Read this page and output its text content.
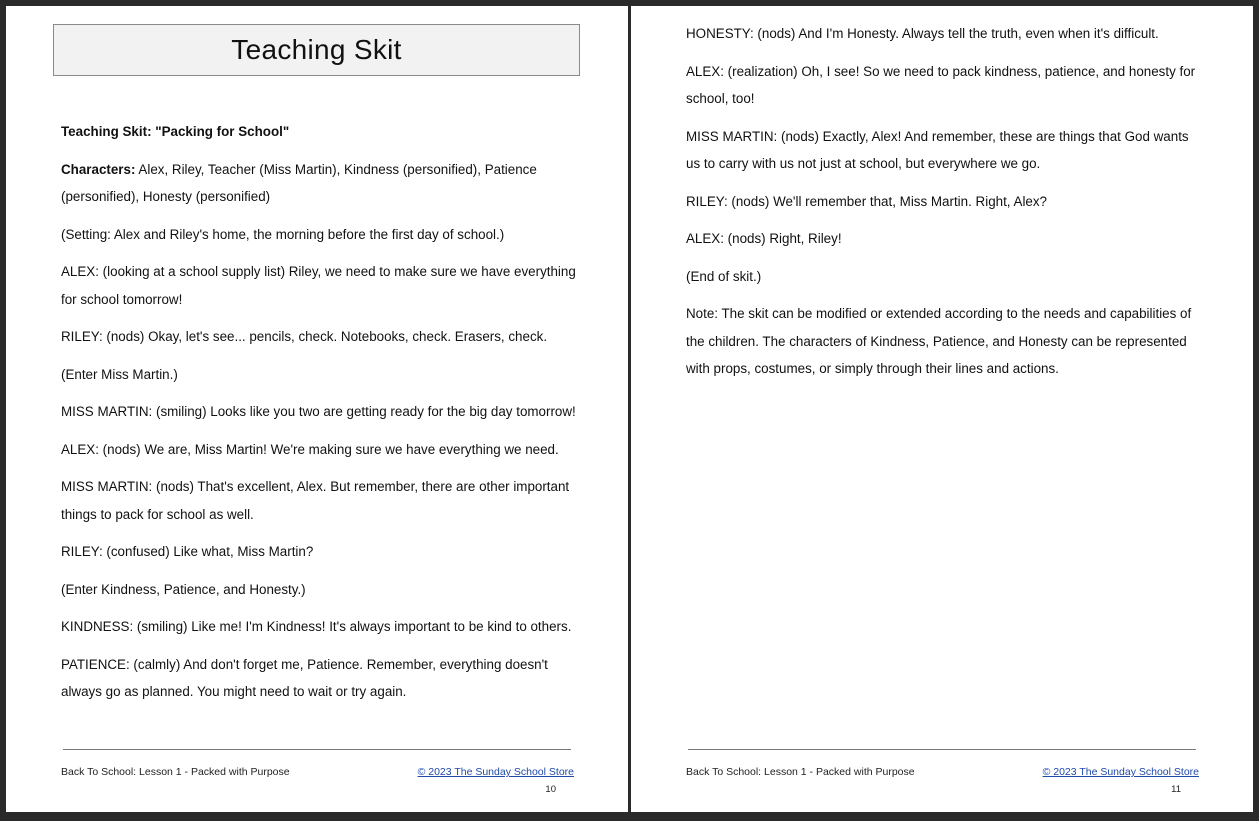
Teaching Skit

Teaching Skit: "Packing for School"

Characters: Alex, Riley, Teacher (Miss Martin), Kindness (personified), Patience (personified), Honesty (personified)

(Setting: Alex and Riley's home, the morning before the first day of school.)

ALEX: (looking at a school supply list) Riley, we need to make sure we have everything for school tomorrow!

RILEY: (nods) Okay, let's see... pencils, check. Notebooks, check. Erasers, check.

(Enter Miss Martin.)

MISS MARTIN: (smiling) Looks like you two are getting ready for the big day tomorrow!

ALEX: (nods) We are, Miss Martin! We're making sure we have everything we need.

MISS MARTIN: (nods) That's excellent, Alex. But remember, there are other important things to pack for school as well.

RILEY: (confused) Like what, Miss Martin?

(Enter Kindness, Patience, and Honesty.)

KINDNESS: (smiling) Like me! I'm Kindness! It's always important to be kind to others.

PATIENCE: (calmly) And don't forget me, Patience. Remember, everything doesn't always go as planned. You might need to wait or try again.

Back To School: Lesson 1 - Packed with Purpose	© 2023 The Sunday School Store
10

HONESTY: (nods) And I'm Honesty. Always tell the truth, even when it's difficult.

ALEX: (realization) Oh, I see! So we need to pack kindness, patience, and honesty for school, too!

MISS MARTIN: (nods) Exactly, Alex! And remember, these are things that God wants us to carry with us not just at school, but everywhere we go.

RILEY: (nods) We'll remember that, Miss Martin. Right, Alex?

ALEX: (nods) Right, Riley!

(End of skit.)

Note: The skit can be modified or extended according to the needs and capabilities of the children. The characters of Kindness, Patience, and Honesty can be represented with props, costumes, or simply through their lines and actions.

Back To School: Lesson 1 - Packed with Purpose	© 2023 The Sunday School Store
11
